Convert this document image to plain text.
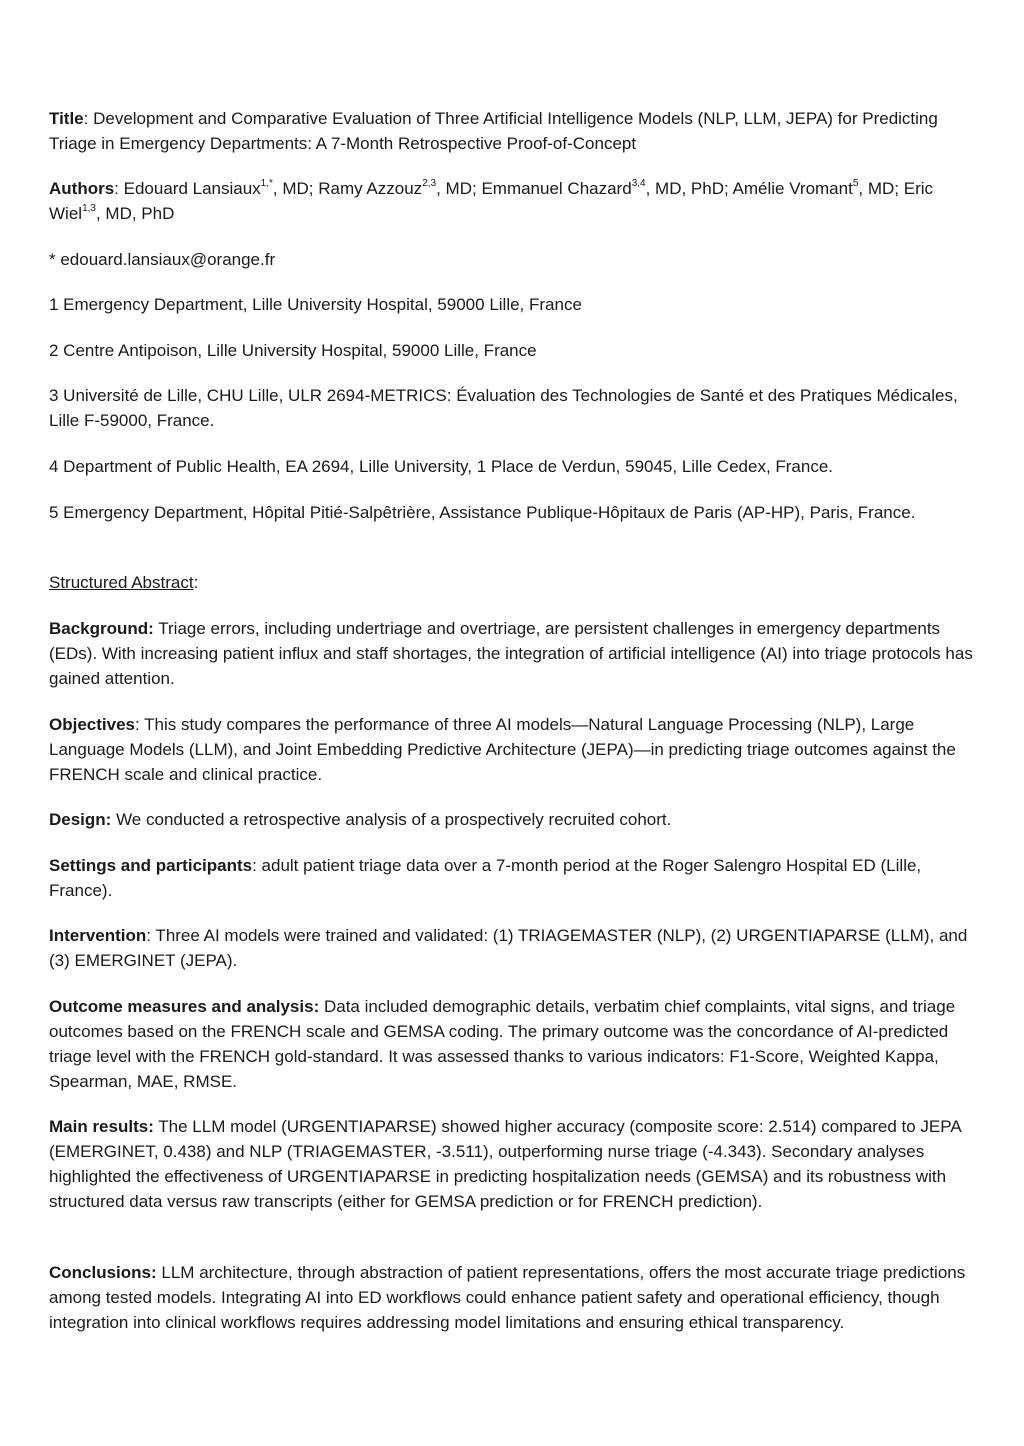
Title: Development and Comparative Evaluation of Three Artificial Intelligence Models (NLP, LLM, JEPA) for Predicting Triage in Emergency Departments: A 7-Month Retrospective Proof-of-Concept

Authors: Edouard Lansiaux$^{1,*}$, MD; Ramy Azzouz$^{2,3}$, MD; Emmanuel Chazard$^{3,4}$, MD, PhD; Amélie Vromant$^5$, MD; Eric Wiel$^{1,3}$, MD, PhD

* edouard.lansiaux@orange.fr

1 Emergency Department, Lille University Hospital, 59000 Lille, France

2 Centre Antipoison, Lille University Hospital, 59000 Lille, France

3 Université de Lille, CHU Lille, ULR 2694-METRICS: Évaluation des Technologies de Santé et des Pratiques Médicales, Lille F-59000, France.

4 Department of Public Health, EA 2694, Lille University, 1 Place de Verdun, 59045, Lille Cedex, France.

5 Emergency Department, Hôpital Pitié-Salpêtrière, Assistance Publique-Hôpitaux de Paris (AP-HP), Paris, France.

Structured Abstract:

Background: Triage errors, including undertriage and overtriage, are persistent challenges in emergency departments (EDs). With increasing patient influx and staff shortages, the integration of artificial intelligence (AI) into triage protocols has gained attention.

Objectives: This study compares the performance of three AI models—Natural Language Processing (NLP), Large Language Models (LLM), and Joint Embedding Predictive Architecture (JEPA)—in predicting triage outcomes against the FRENCH scale and clinical practice.

Design: We conducted a retrospective analysis of a prospectively recruited cohort.

Settings and participants: adult patient triage data over a 7-month period at the Roger Salengro Hospital ED (Lille, France).

Intervention: Three AI models were trained and validated: (1) TRIAGEMASTER (NLP), (2) URGENTIAPARSE (LLM), and (3) EMERGINET (JEPA).

Outcome measures and analysis: Data included demographic details, verbatim chief complaints, vital signs, and triage outcomes based on the FRENCH scale and GEMSA coding. The primary outcome was the concordance of AI-predicted triage level with the FRENCH gold-standard. It was assessed thanks to various indicators: F1-Score, Weighted Kappa, Spearman, MAE, RMSE.

Main results: The LLM model (URGENTIAPARSE) showed higher accuracy (composite score: 2.514) compared to JEPA (EMERGINET, 0.438) and NLP (TRIAGEMASTER, -3.511), outperforming nurse triage (-4.343). Secondary analyses highlighted the effectiveness of URGENTIAPARSE in predicting hospitalization needs (GEMSA) and its robustness with structured data versus raw transcripts (either for GEMSA prediction or for FRENCH prediction).

Conclusions: LLM architecture, through abstraction of patient representations, offers the most accurate triage predictions among tested models. Integrating AI into ED workflows could enhance patient safety and operational efficiency, though integration into clinical workflows requires addressing model limitations and ensuring ethical transparency.
